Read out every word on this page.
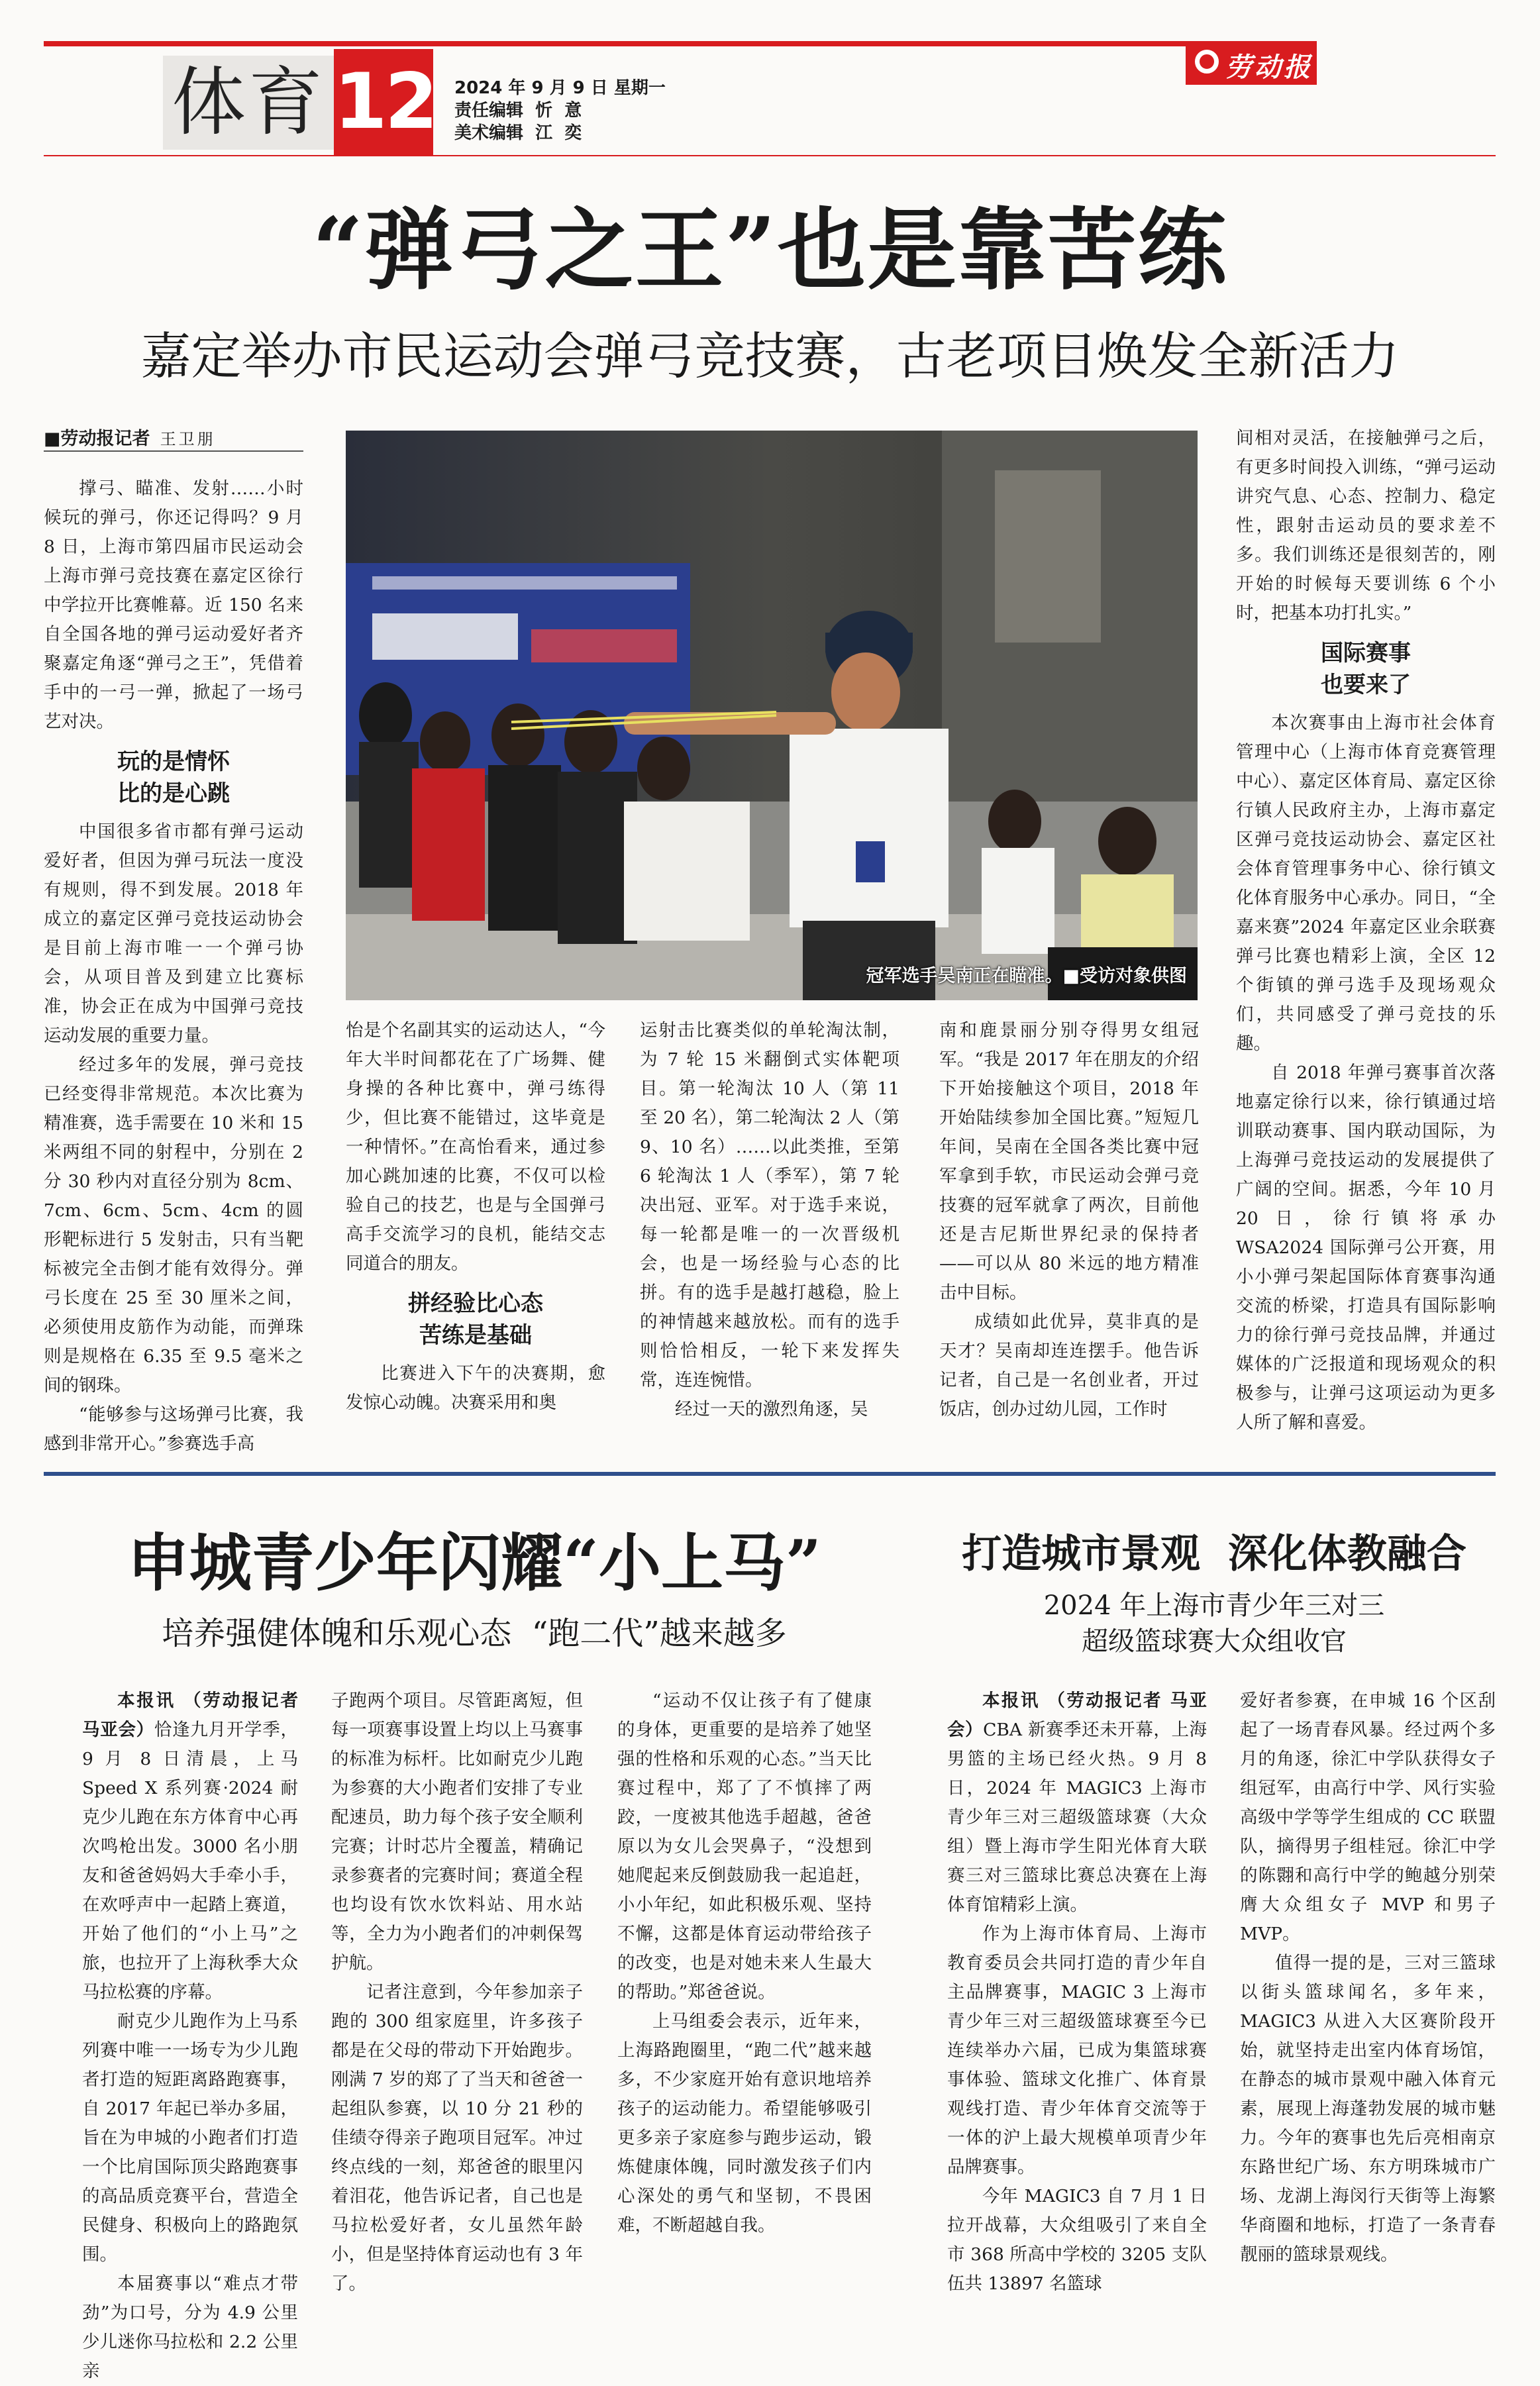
体育 12 2024 年 9 月 9 日 星期一
责任编辑  忻  意
美术编辑  江  奕
劳动报
“弹弓之王”也是靠苦练
嘉定举办市民运动会弹弓竞技赛，古老项目焕发全新活力
■劳动报记者 王卫朋
冠军选手吴南正在瞄准。■受访对象供图

撑弓、瞄准、发射……小时候玩的弹弓，你还记得吗？9 月 8 日，上海市第四届市民运动会上海市弹弓竞技赛在嘉定区徐行中学拉开比赛帷幕。近 150 名来自全国各地的弹弓运动爱好者齐聚嘉定角逐“弹弓之王”，凭借着手中的一弓一弹，掀起了一场弓艺对决。

玩的是情怀
比的是心跳

中国很多省市都有弹弓运动爱好者，但因为弹弓玩法一度没有规则，得不到发展。2018 年成立的嘉定区弹弓竞技运动协会是目前上海市唯一一个弹弓协会，从项目普及到建立比赛标准，协会正在成为中国弹弓竞技运动发展的重要力量。

经过多年的发展，弹弓竞技已经变得非常规范。本次比赛为精准赛，选手需要在 10 米和 15 米两组不同的射程中，分别在 2 分 30 秒内对直径分别为 8cm、7cm、6cm、5cm、4cm 的圆形靶标进行 5 发射击，只有当靶标被完全击倒才能有效得分。弹弓长度在 25 至 30 厘米之间，必须使用皮筋作为动能，而弹珠则是规格在 6.35 至 9.5 毫米之间的钢珠。

“能够参与这场弹弓比赛，我感到非常开心。”参赛选手高

怡是个名副其实的运动达人，“今年大半时间都花在了广场舞、健身操的各种比赛中，弹弓练得少，但比赛不能错过，这毕竟是一种情怀。”在高怡看来，通过参加心跳加速的比赛，不仅可以检验自己的技艺，也是与全国弹弓高手交流学习的良机，能结交志同道合的朋友。

拼经验比心态
苦练是基础

比赛进入下午的决赛期，愈发惊心动魄。决赛采用和奥

运射击比赛类似的单轮淘汰制，为 7 轮 15 米翻倒式实体靶项目。第一轮淘汰 10 人（第 11 至 20 名），第二轮淘汰 2 人（第 9、10 名）……以此类推，至第 6 轮淘汰 1 人（季军），第 7 轮决出冠、亚军。对于选手来说，每一轮都是唯一的一次晋级机会，也是一场经验与心态的比拼。有的选手是越打越稳，脸上的神情越来越放松。而有的选手则恰恰相反，一轮下来发挥失常，连连惋惜。

经过一天的激烈角逐，吴

南和鹿景丽分别夺得男女组冠军。“我是 2017 年在朋友的介绍下开始接触这个项目，2018 年开始陆续参加全国比赛。”短短几年间，吴南在全国各类比赛中冠军拿到手软，市民运动会弹弓竞技赛的冠军就拿了两次，目前他还是吉尼斯世界纪录的保持者——可以从 80 米远的地方精准击中目标。

成绩如此优异，莫非真的是天才？吴南却连连摆手。他告诉记者，自己是一名创业者，开过饭店，创办过幼儿园，工作时

间相对灵活，在接触弹弓之后，有更多时间投入训练，“弹弓运动讲究气息、心态、控制力、稳定性，跟射击运动员的要求差不多。我们训练还是很刻苦的，刚开始的时候每天要训练 6 个小时，把基本功打扎实。”

国际赛事
也要来了

本次赛事由上海市社会体育管理中心（上海市体育竞赛管理中心）、嘉定区体育局、嘉定区徐行镇人民政府主办，上海市嘉定区弹弓竞技运动协会、嘉定区社会体育管理事务中心、徐行镇文化体育服务中心承办。同日，“全嘉来赛”2024 年嘉定区业余联赛弹弓比赛也精彩上演，全区 12 个街镇的弹弓选手及现场观众们，共同感受了弹弓竞技的乐趣。

自 2018 年弹弓赛事首次落地嘉定徐行以来，徐行镇通过培训联动赛事、国内联动国际，为上海弹弓竞技运动的发展提供了广阔的空间。据悉，今年 10 月 20 日，徐行镇将承办 WSA2024 国际弹弓公开赛，用小小弹弓架起国际体育赛事沟通交流的桥梁，打造具有国际影响力的徐行弹弓竞技品牌，并通过媒体的广泛报道和现场观众的积极参与，让弹弓这项运动为更多人所了解和喜爱。

申城青少年闪耀“小上马”
培养强健体魄和乐观心态  “跑二代”越来越多

本报讯 （劳动报记者 马亚会）恰逢九月开学季，9 月 8 日清晨，上马 Speed X 系列赛·2024 耐克少儿跑在东方体育中心再次鸣枪出发。3000 名小朋友和爸爸妈妈大手牵小手，在欢呼声中一起踏上赛道，开始了他们的“小上马”之旅，也拉开了上海秋季大众马拉松赛的序幕。

耐克少儿跑作为上马系列赛中唯一一场专为少儿跑者打造的短距离路跑赛事，自 2017 年起已举办多届，旨在为申城的小跑者们打造一个比肩国际顶尖路跑赛事的高品质竞赛平台，营造全民健身、积极向上的路跑氛围。

本届赛事以“难点才带劲”为口号，分为 4.9 公里少儿迷你马拉松和 2.2 公里亲

子跑两个项目。尽管距离短，但每一项赛事设置上均以上马赛事的标准为标杆。比如耐克少儿跑为参赛的大小跑者们安排了专业配速员，助力每个孩子安全顺利完赛；计时芯片全覆盖，精确记录参赛者的完赛时间；赛道全程也均设有饮水饮料站、用水站等，全力为小跑者们的冲刺保驾护航。

记者注意到，今年参加亲子跑的 300 组家庭里，许多孩子都是在父母的带动下开始跑步。刚满 7 岁的郑了了当天和爸爸一起组队参赛，以 10 分 21 秒的佳绩夺得亲子跑项目冠军。冲过终点线的一刻，郑爸爸的眼里闪着泪花，他告诉记者，自己也是马拉松爱好者，女儿虽然年龄小，但是坚持体育运动也有 3 年了。

“运动不仅让孩子有了健康的身体，更重要的是培养了她坚强的性格和乐观的心态。”当天比赛过程中，郑了了不慎摔了两跤，一度被其他选手超越，爸爸原以为女儿会哭鼻子，“没想到她爬起来反倒鼓励我一起追赶，小小年纪，如此积极乐观、坚持不懈，这都是体育运动带给孩子的改变，也是对她未来人生最大的帮助。”郑爸爸说。

上马组委会表示，近年来，上海路跑圈里，“跑二代”越来越多，不少家庭开始有意识地培养孩子的运动能力。希望能够吸引更多亲子家庭参与跑步运动，锻炼健康体魄，同时激发孩子们内心深处的勇气和坚韧，不畏困难，不断超越自我。

打造城市景观  深化体教融合
2024 年上海市青少年三对三
超级篮球赛大众组收官

本报讯 （劳动报记者 马亚会）CBA 新赛季还未开幕，上海男篮的主场已经火热。9 月 8 日，2024 年 MAGIC3 上海市青少年三对三超级篮球赛（大众组）暨上海市学生阳光体育大联赛三对三篮球比赛总决赛在上海体育馆精彩上演。

作为上海市体育局、上海市教育委员会共同打造的青少年自主品牌赛事，MAGIC 3 上海市青少年三对三超级篮球赛至今已连续举办六届，已成为集篮球赛事体验、篮球文化推广、体育景观线打造、青少年体育交流等于一体的沪上最大规模单项青少年品牌赛事。

今年 MAGIC3 自 7 月 1 日拉开战幕，大众组吸引了来自全市 368 所高中学校的 3205 支队伍共 13897 名篮球

爱好者参赛，在申城 16 个区刮起了一场青春风暴。经过两个多月的角逐，徐汇中学队获得女子组冠军，由高行中学、风行实验高级中学等学生组成的 CC 联盟队，摘得男子组桂冠。徐汇中学的陈翾和高行中学的鲍越分别荣膺大众组女子 MVP 和男子 MVP。

值得一提的是，三对三篮球以街头篮球闻名，多年来，MAGIC3 从进入大区赛阶段开始，就坚持走出室内体育场馆，在静态的城市景观中融入体育元素，展现上海蓬勃发展的城市魅力。今年的赛事也先后亮相南京东路世纪广场、东方明珠城市广场、龙湖上海闵行天街等上海繁华商圈和地标，打造了一条青春靓丽的篮球景观线。
